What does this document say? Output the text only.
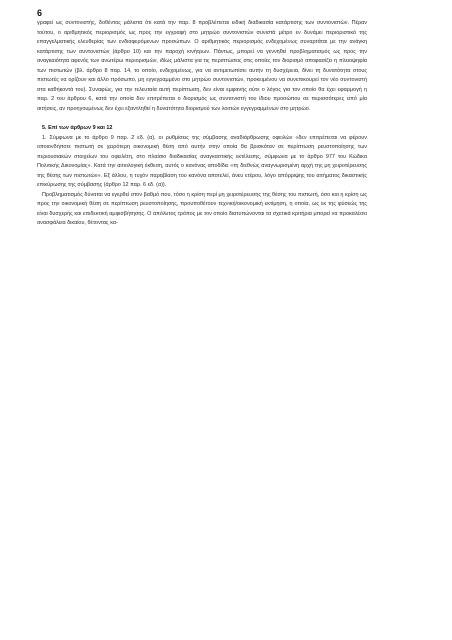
6

γραφεί ως συντονιστής, δοθέντος μάλιστα ότι κατά την παρ. 8 προβλέπεται ειδική διαδικασία κατάρτισης των συντονιστών. Πέραν τούτου, ο αριθμητικός περιορισμός ως προς την εγγραφή στο μητρώο συντονιστών συνιστά μέτρο εν δυνάμει περιοριστικό της επαγγελματικής ελευθερίας των ενδιαφερόμενων προσώπων. Ο αριθμητικός περιορισμός ενδεχομένως συναρτάται με την ανάγκη κατάρτισης των συντονιστών (άρθρο 10) και την παροχή κινήτρων. Πάντως, μπορεί να γεννηθεί προβληματισμός ως προς την αναγκαιότητα αφενός των ανωτέρω περιορισμών, ιδίως μάλιστα για τις περιπτώσεις στις οποίες τον διορισμό αποφασίζει η πλειοψηφία των πιστωτών (βλ. άρθρο 8 παρ. 14, το οποίο, ενδεχομένως, για να αντιμετωπίσει αυτήν τη δυσχέρεια, δίνει τη δυνατότητα στους πιστωτές να ορίζουν και άλλο πρόσωπο, μη εγγεγραμμένο στο μητρώο συντονιστών, προκειμένου να συνεπικουρεί τον νέο συντονιστή στα καθήκοντά του). Συναφώς, για την τελευταία αυτή περίπτωση, δεν είναι εμφανής ούτε ο λόγος για τον οποίο θα έχει εφαρμογή η παρ. 2 του άρθρου 6, κατά την οποία δεν επιτρέπεται ο διορισμός ως συντονιστή του ίδιου προσώπου σε περισσότερες από μία αιτήσεις, αν προηγουμένως δεν έχει εξαντληθεί η δυνατότητα διορισμού των λοιπών εγγεγραμμένων στο μητρώο.

5. Επί των άρθρων 9 και 12

1. Σύμφωνα με το άρθρο 9 παρ. 2 εδ. (α), οι ρυθμίσεις της σύμβασης αναδιάρθρωσης οφειλών «δεν επιτρέπεται να φέρουν οποιονδήποτε πιστωτή σε χειρότερη οικονομική θέση από αυτήν στην οποία θα βρισκόταν σε περίπτωση ρευστοποίησης των περιουσιακών στοιχείων του οφειλέτη, στο πλαίσιο διαδικασίας αναγκαστικής εκτέλεσης, σύμφωνα με το άρθρο 977 του Κώδικα Πολιτικής Δικονομίας». Κατά την αιτιολογική έκθεση, αυτός ο κανόνας αποδίδει «τη διεθνώς αναγνωρισμένη αρχή της μη χειροτέρευσης της θέσης των πιστωτών». Εξ άλλου, η τυχόν παραβίαση του κανόνα αποτελεί, άνευ ετέρου, λόγο απόρριψης του αιτήματος δικαστικής επικύρωσης της σύμβασης (άρθρο 12 παρ. 6 εδ. (α)).

Προβληματισμός δύναται να εγερθεί στον βαθμό που, τόσο η κρίση περί μη χειροτέρευσης της θέσης του πιστωτή, όσο και η κρίση ως προς την οικονομική θέση σε περίπτωση ρευστοποίησης, προυποθέτουν τεχνική/οικονομική εκτίμηση, η οποία, ως εκ της φύσεώς της είναι δυσχερής και επιδεκτική αμφισβήτησης. Ο απόλυτος τρόπος με τον οποίο διατυπώνονται τα σχετικά κριτήρια μπορεί να προκαλέσει ανασφάλεια δικαίου, θέτοντας κα-
